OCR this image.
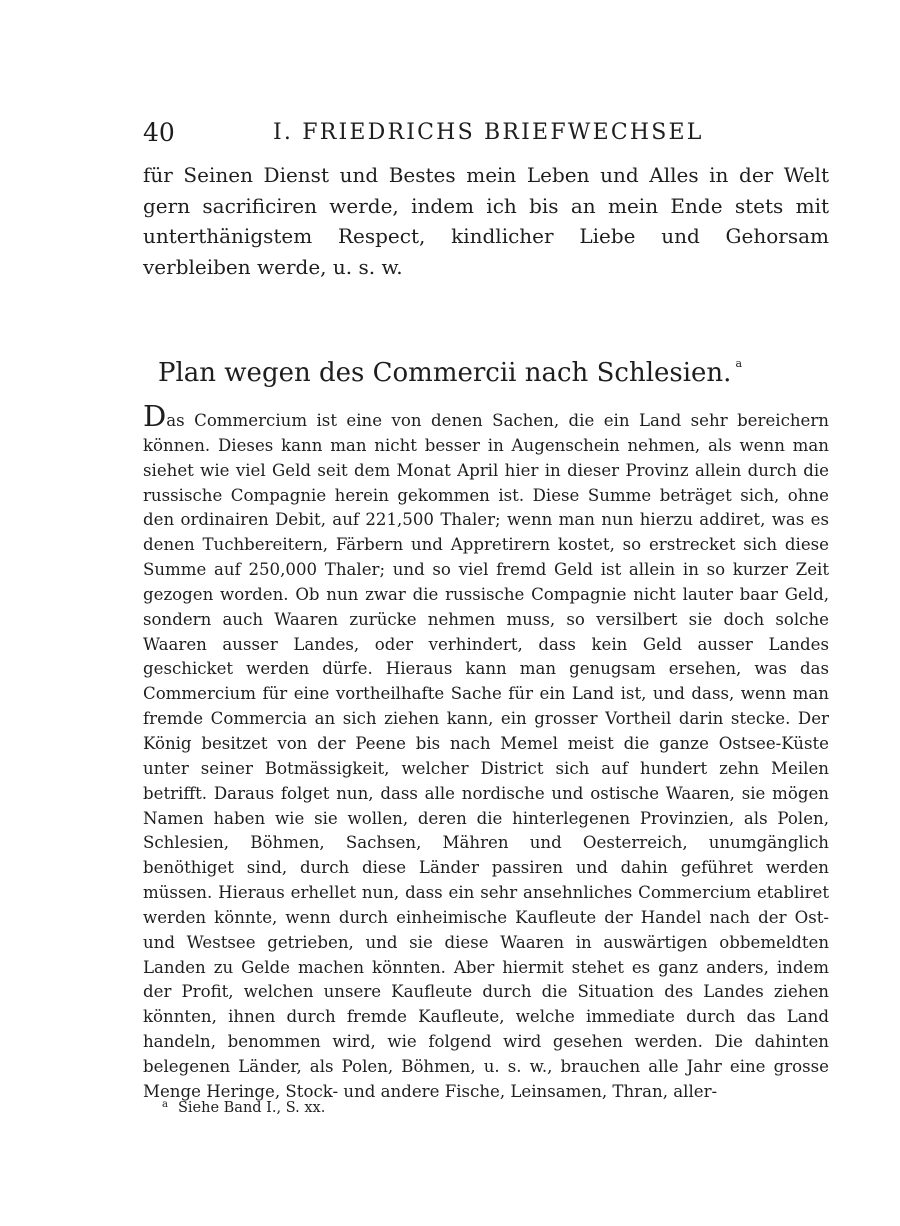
40	I. FRIEDRICHS BRIEFWECHSEL

für Seinen Dienst und Bestes mein Leben und Alles in der Welt gern sacrificiren werde, indem ich bis an mein Ende stets mit unterthänigstem Respect, kindlicher Liebe und Gehorsam verbleiben werde, u. s. w.

Plan wegen des Commercii nach Schlesien. $^a$

Das Commercium ist eine von denen Sachen, die ein Land sehr bereichern können. Dieses kann man nicht besser in Augenschein nehmen, als wenn man siehet wie viel Geld seit dem Monat April hier in dieser Provinz allein durch die russische Compagnie herein gekommen ist. Diese Summe beträget sich, ohne den ordinairen Debit, auf 221,500 Thaler; wenn man nun hierzu addiret, was es denen Tuchbereitern, Färbern und Appretirern kostet, so erstrecket sich diese Summe auf 250,000 Thaler; und so viel fremd Geld ist allein in so kurzer Zeit gezogen worden. Ob nun zwar die russische Compagnie nicht lauter baar Geld, sondern auch Waaren zurücke nehmen muss, so versilbert sie doch solche Waaren ausser Landes, oder verhindert, dass kein Geld ausser Landes geschicket werden dürfe. Hieraus kann man genugsam ersehen, was das Commercium für eine vortheilhafte Sache für ein Land ist, und dass, wenn man fremde Commercia an sich ziehen kann, ein grosser Vortheil darin stecke. Der König besitzet von der Peene bis nach Memel meist die ganze Ostsee-Küste unter seiner Botmässigkeit, welcher District sich auf hundert zehn Meilen betrifft. Daraus folget nun, dass alle nordische und ostische Waaren, sie mögen Namen haben wie sie wollen, deren die hinterlegenen Provinzien, als Polen, Schlesien, Böhmen, Sachsen, Mähren und Oesterreich, unumgänglich benöthiget sind, durch diese Länder passiren und dahin geführet werden müssen. Hieraus erhellet nun, dass ein sehr ansehnliches Commercium etabliret werden könnte, wenn durch einheimische Kaufleute der Handel nach der Ost- und Westsee getrieben, und sie diese Waaren in auswärtigen obbemeldten Landen zu Gelde machen könnten. Aber hiermit stehet es ganz anders, indem der Profit, welchen unsere Kaufleute durch die Situation des Landes ziehen könnten, ihnen durch fremde Kaufleute, welche immediate durch das Land handeln, benommen wird, wie folgend wird gesehen werden. Die dahinten belegenen Länder, als Polen, Böhmen, u. s. w., brauchen alle Jahr eine grosse Menge Heringe, Stock- und andere Fische, Leinsamen, Thran, aller-

$^a$ Siehe Band I., S. xx.
